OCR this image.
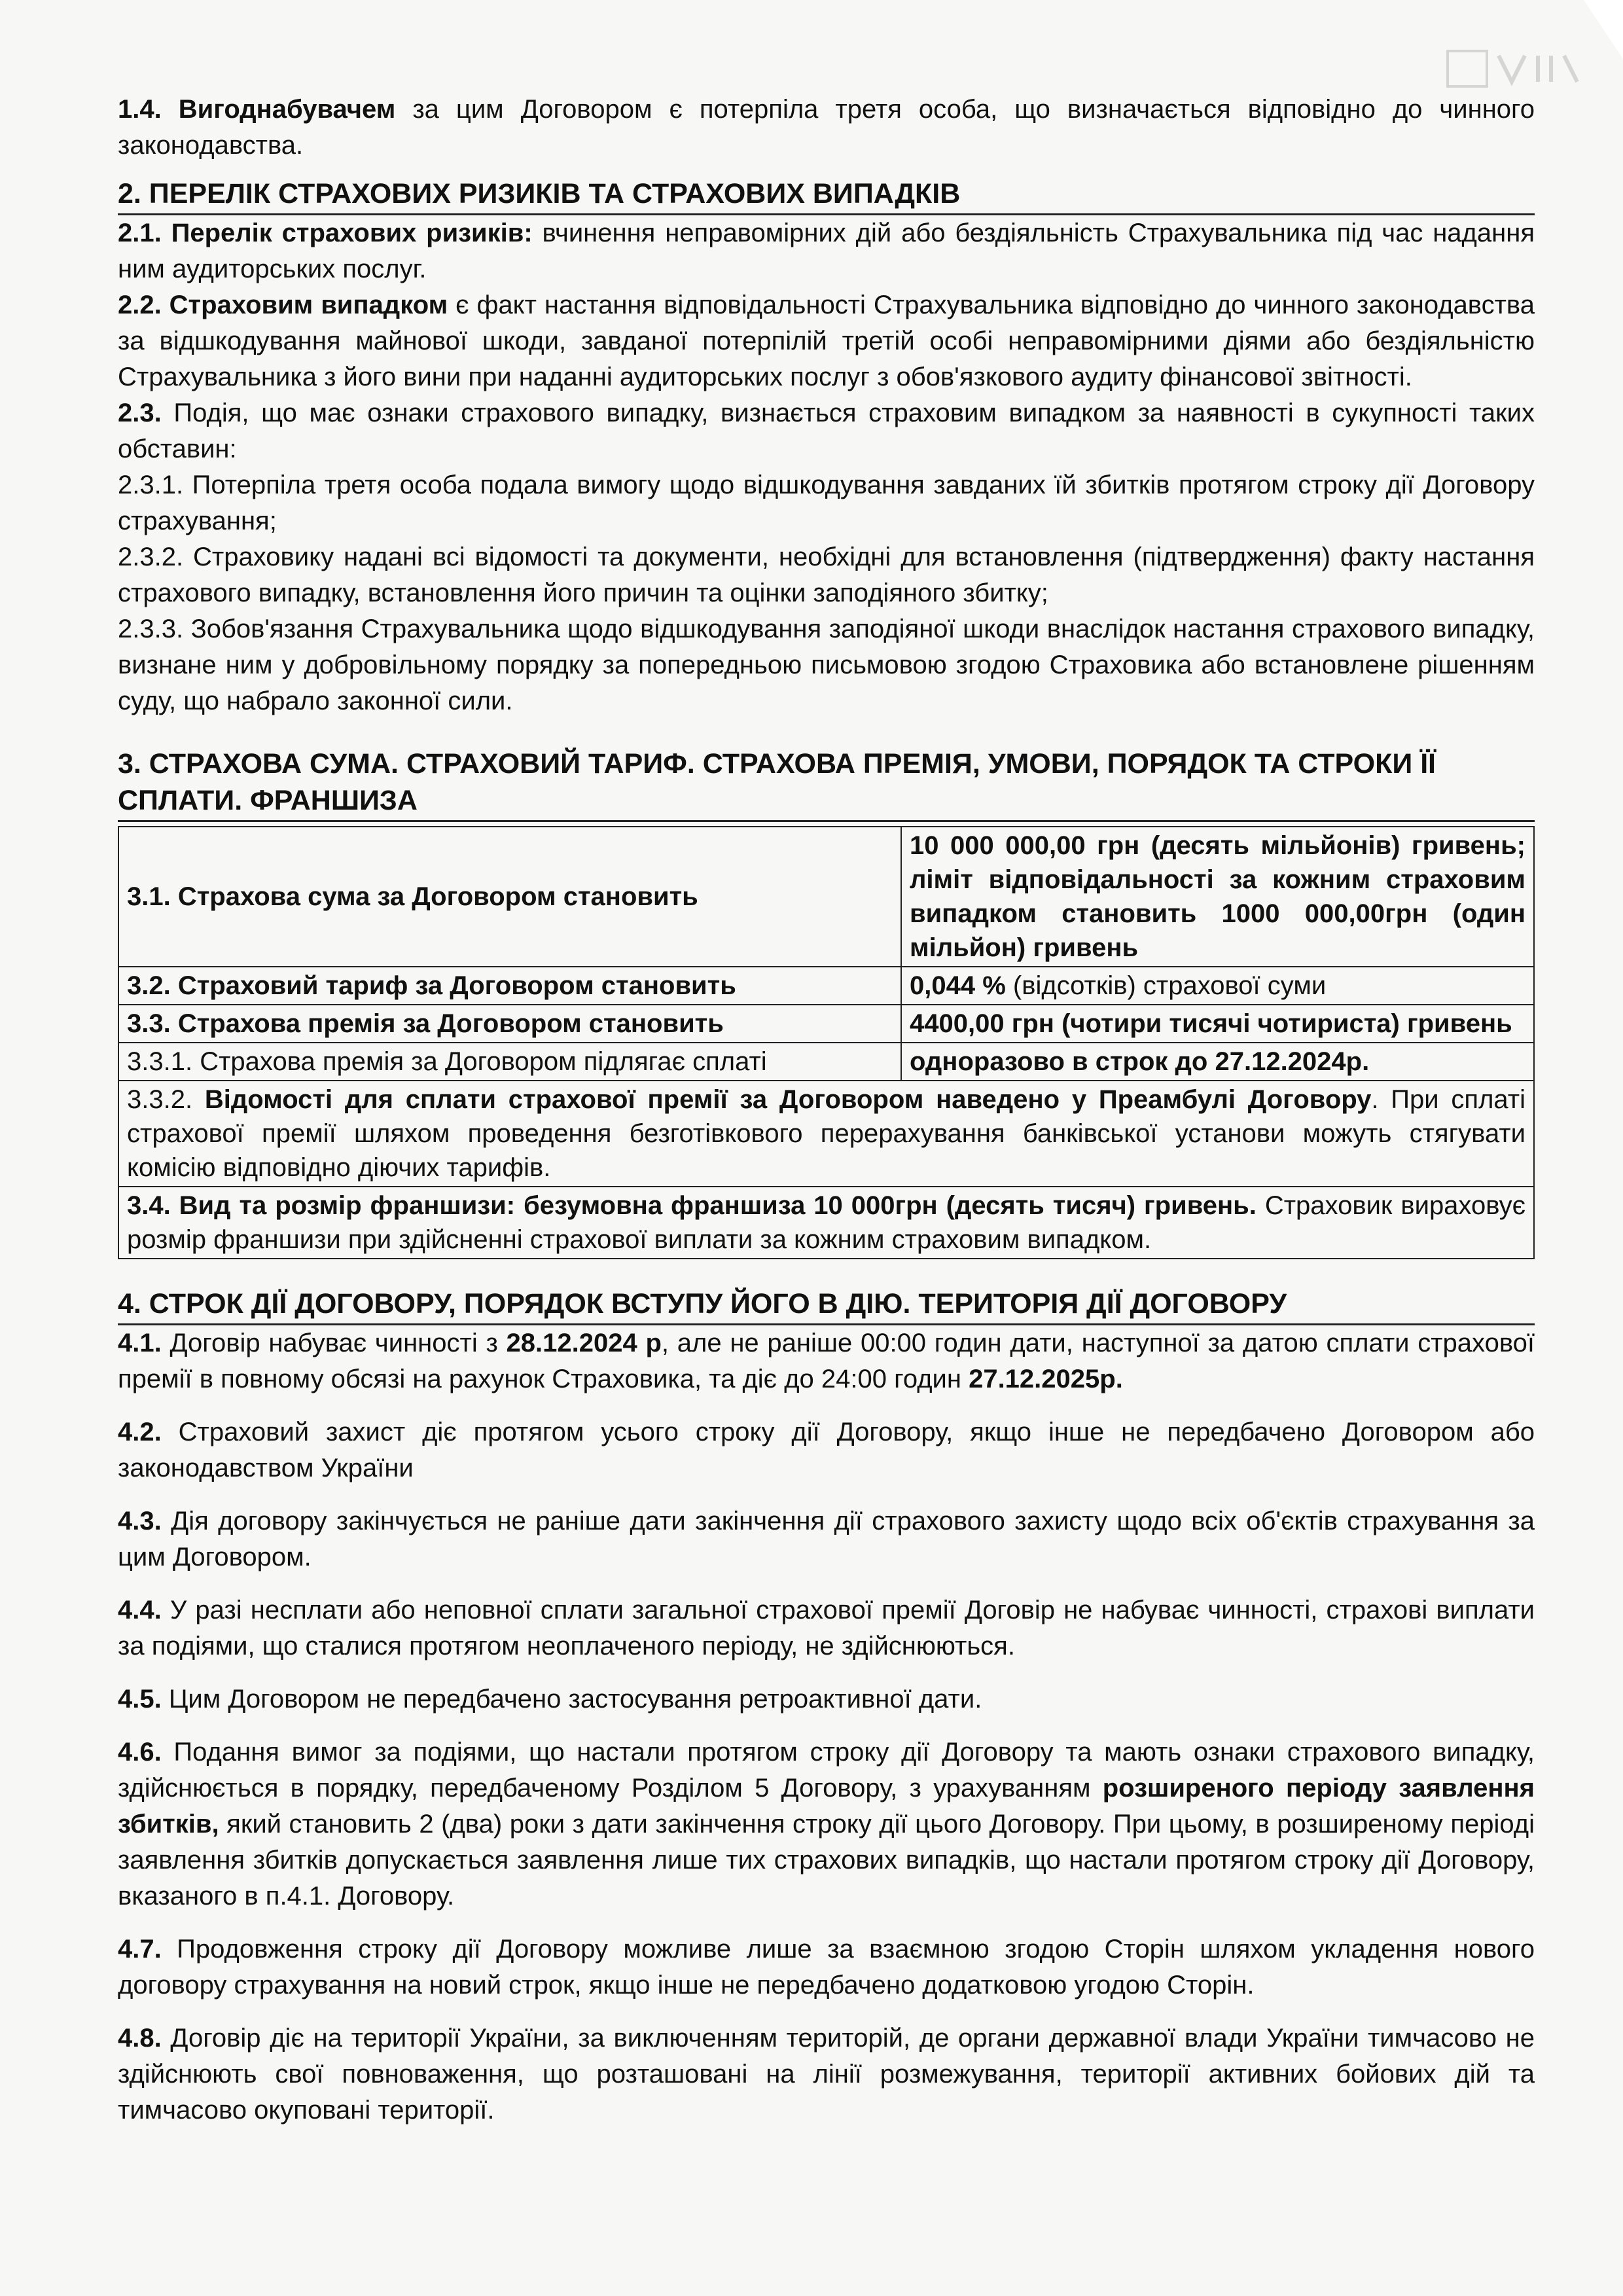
1.4. Вигоднабувачем за цим Договором є потерпіла третя особа, що визначається відповідно до чинного законодавства.

2. ПЕРЕЛІК СТРАХОВИХ РИЗИКІВ ТА СТРАХОВИХ ВИПАДКІВ

2.1. Перелік страхових ризиків: вчинення неправомірних дій або бездіяльність Страхувальника під час надання ним аудиторських послуг.

2.2. Страховим випадком є факт настання відповідальності Страхувальника відповідно до чинного законодавства за відшкодування майнової шкоди, завданої потерпілій третій особі неправомірними діями або бездіяльністю Страхувальника з його вини при наданні аудиторських послуг з обов'язкового аудиту фінансової звітності.

2.3. Подія, що має ознаки страхового випадку, визнається страховим випадком за наявності в сукупності таких обставин:

2.3.1. Потерпіла третя особа подала вимогу щодо відшкодування завданих їй збитків протягом строку дії Договору страхування;

2.3.2. Страховику надані всі відомості та документи, необхідні для встановлення (підтвердження) факту настання страхового випадку, встановлення його причин та оцінки заподіяного збитку;

2.3.3. Зобов'язання Страхувальника щодо відшкодування заподіяної шкоди внаслідок настання страхового випадку, визнане ним у добровільному порядку за попередньою письмовою згодою Страховика або встановлене рішенням суду, що набрало законної сили.

3. СТРАХОВА СУМА. СТРАХОВИЙ ТАРИФ. СТРАХОВА ПРЕМІЯ, УМОВИ, ПОРЯДОК ТА СТРОКИ ЇЇ СПЛАТИ. ФРАНШИЗА
3.1. Страхова сума за Договором становить	10 000 000,00 грн (десять мільйонів) гривень; ліміт відповідальності за кожним страховим випадком становить 1000 000,00грн (один мільйон) гривень
3.2. Страховий тариф за Договором становить	0,044 % (відсотків) страхової суми
3.3. Страхова премія за Договором становить	4400,00 грн (чотири тисячі чотириста) гривень
3.3.1. Страхова премія за Договором підлягає сплаті	одноразово в строк до 27.12.2024р.
3.3.2. Відомості для сплати страхової премії за Договором наведено у Преамбулі Договору. При сплаті страхової премії шляхом проведення безготівкового перерахування банківської установи можуть стягувати комісію відповідно діючих тарифів.	
3.4. Вид та розмір франшизи: безумовна франшиза 10 000грн (десять тисяч) гривень. Страховик вираховує розмір франшизи при здійсненні страхової виплати за кожним страховим випадком.	
4. СТРОК ДІЇ ДОГОВОРУ, ПОРЯДОК ВСТУПУ ЙОГО В ДІЮ. ТЕРИТОРІЯ ДІЇ ДОГОВОРУ

4.1. Договір набуває чинності з 28.12.2024 р, але не раніше 00:00 годин дати, наступної за датою сплати страхової премії в повному обсязі на рахунок Страховика, та діє до 24:00 годин 27.12.2025р.

4.2. Страховий захист діє протягом усього строку дії Договору, якщо інше не передбачено Договором або законодавством України

4.3. Дія договору закінчується не раніше дати закінчення дії страхового захисту щодо всіх об'єктів страхування за цим Договором.

4.4. У разі несплати або неповної сплати загальної страхової премії Договір не набуває чинності, страхові виплати за подіями, що сталися протягом неоплаченого періоду, не здійснюються.

4.5. Цим Договором не передбачено застосування ретроактивної дати.

4.6. Подання вимог за подіями, що настали протягом строку дії Договору та мають ознаки страхового випадку, здійснюється в порядку, передбаченому Розділом 5 Договору, з урахуванням розширеного періоду заявлення збитків, який становить 2 (два) роки з дати закінчення строку дії цього Договору. При цьому, в розширеному періоді заявлення збитків допускається заявлення лише тих страхових випадків, що настали протягом строку дії Договору, вказаного в п.4.1. Договору.

4.7. Продовження строку дії Договору можливе лише за взаємною згодою Сторін шляхом укладення нового договору страхування на новий строк, якщо інше не передбачено додатковою угодою Сторін.

4.8. Договір діє на території України, за виключенням територій, де органи державної влади України тимчасово не здійснюють свої повноваження, що розташовані на лінії розмежування, території активних бойових дій та тимчасово окуповані території.
